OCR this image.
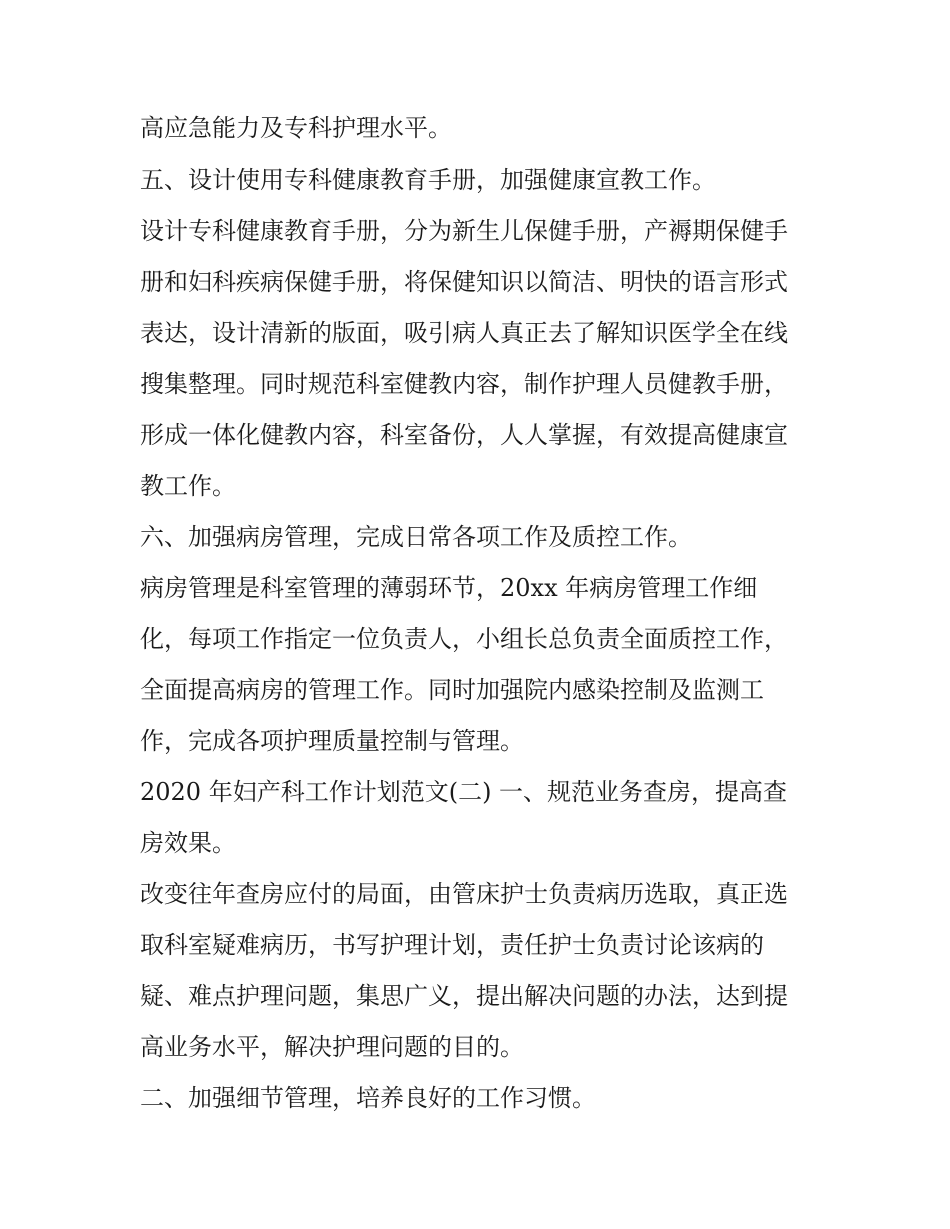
高应急能力及专科护理水平。
五、设计使用专科健康教育手册，加强健康宣教工作。
设计专科健康教育手册，分为新生儿保健手册，产褥期保健手
册和妇科疾病保健手册，将保健知识以简洁、明快的语言形式
表达，设计清新的版面，吸引病人真正去了解知识医学全在线
搜集整理。同时规范科室健教内容，制作护理人员健教手册，
形成一体化健教内容，科室备份，人人掌握，有效提高健康宣
教工作。
六、加强病房管理，完成日常各项工作及质控工作。
病房管理是科室管理的薄弱环节，20xx 年病房管理工作细
化，每项工作指定一位负责人，小组长总负责全面质控工作，
全面提高病房的管理工作。同时加强院内感染控制及监测工
作，完成各项护理质量控制与管理。
2020 年妇产科工作计划范文(二) 一、规范业务查房，提高查
房效果。
改变往年查房应付的局面，由管床护士负责病历选取，真正选
取科室疑难病历，书写护理计划，责任护士负责讨论该病的
疑、难点护理问题，集思广义，提出解决问题的办法，达到提
高业务水平，解决护理问题的目的。
二、加强细节管理，培养良好的工作习惯。
